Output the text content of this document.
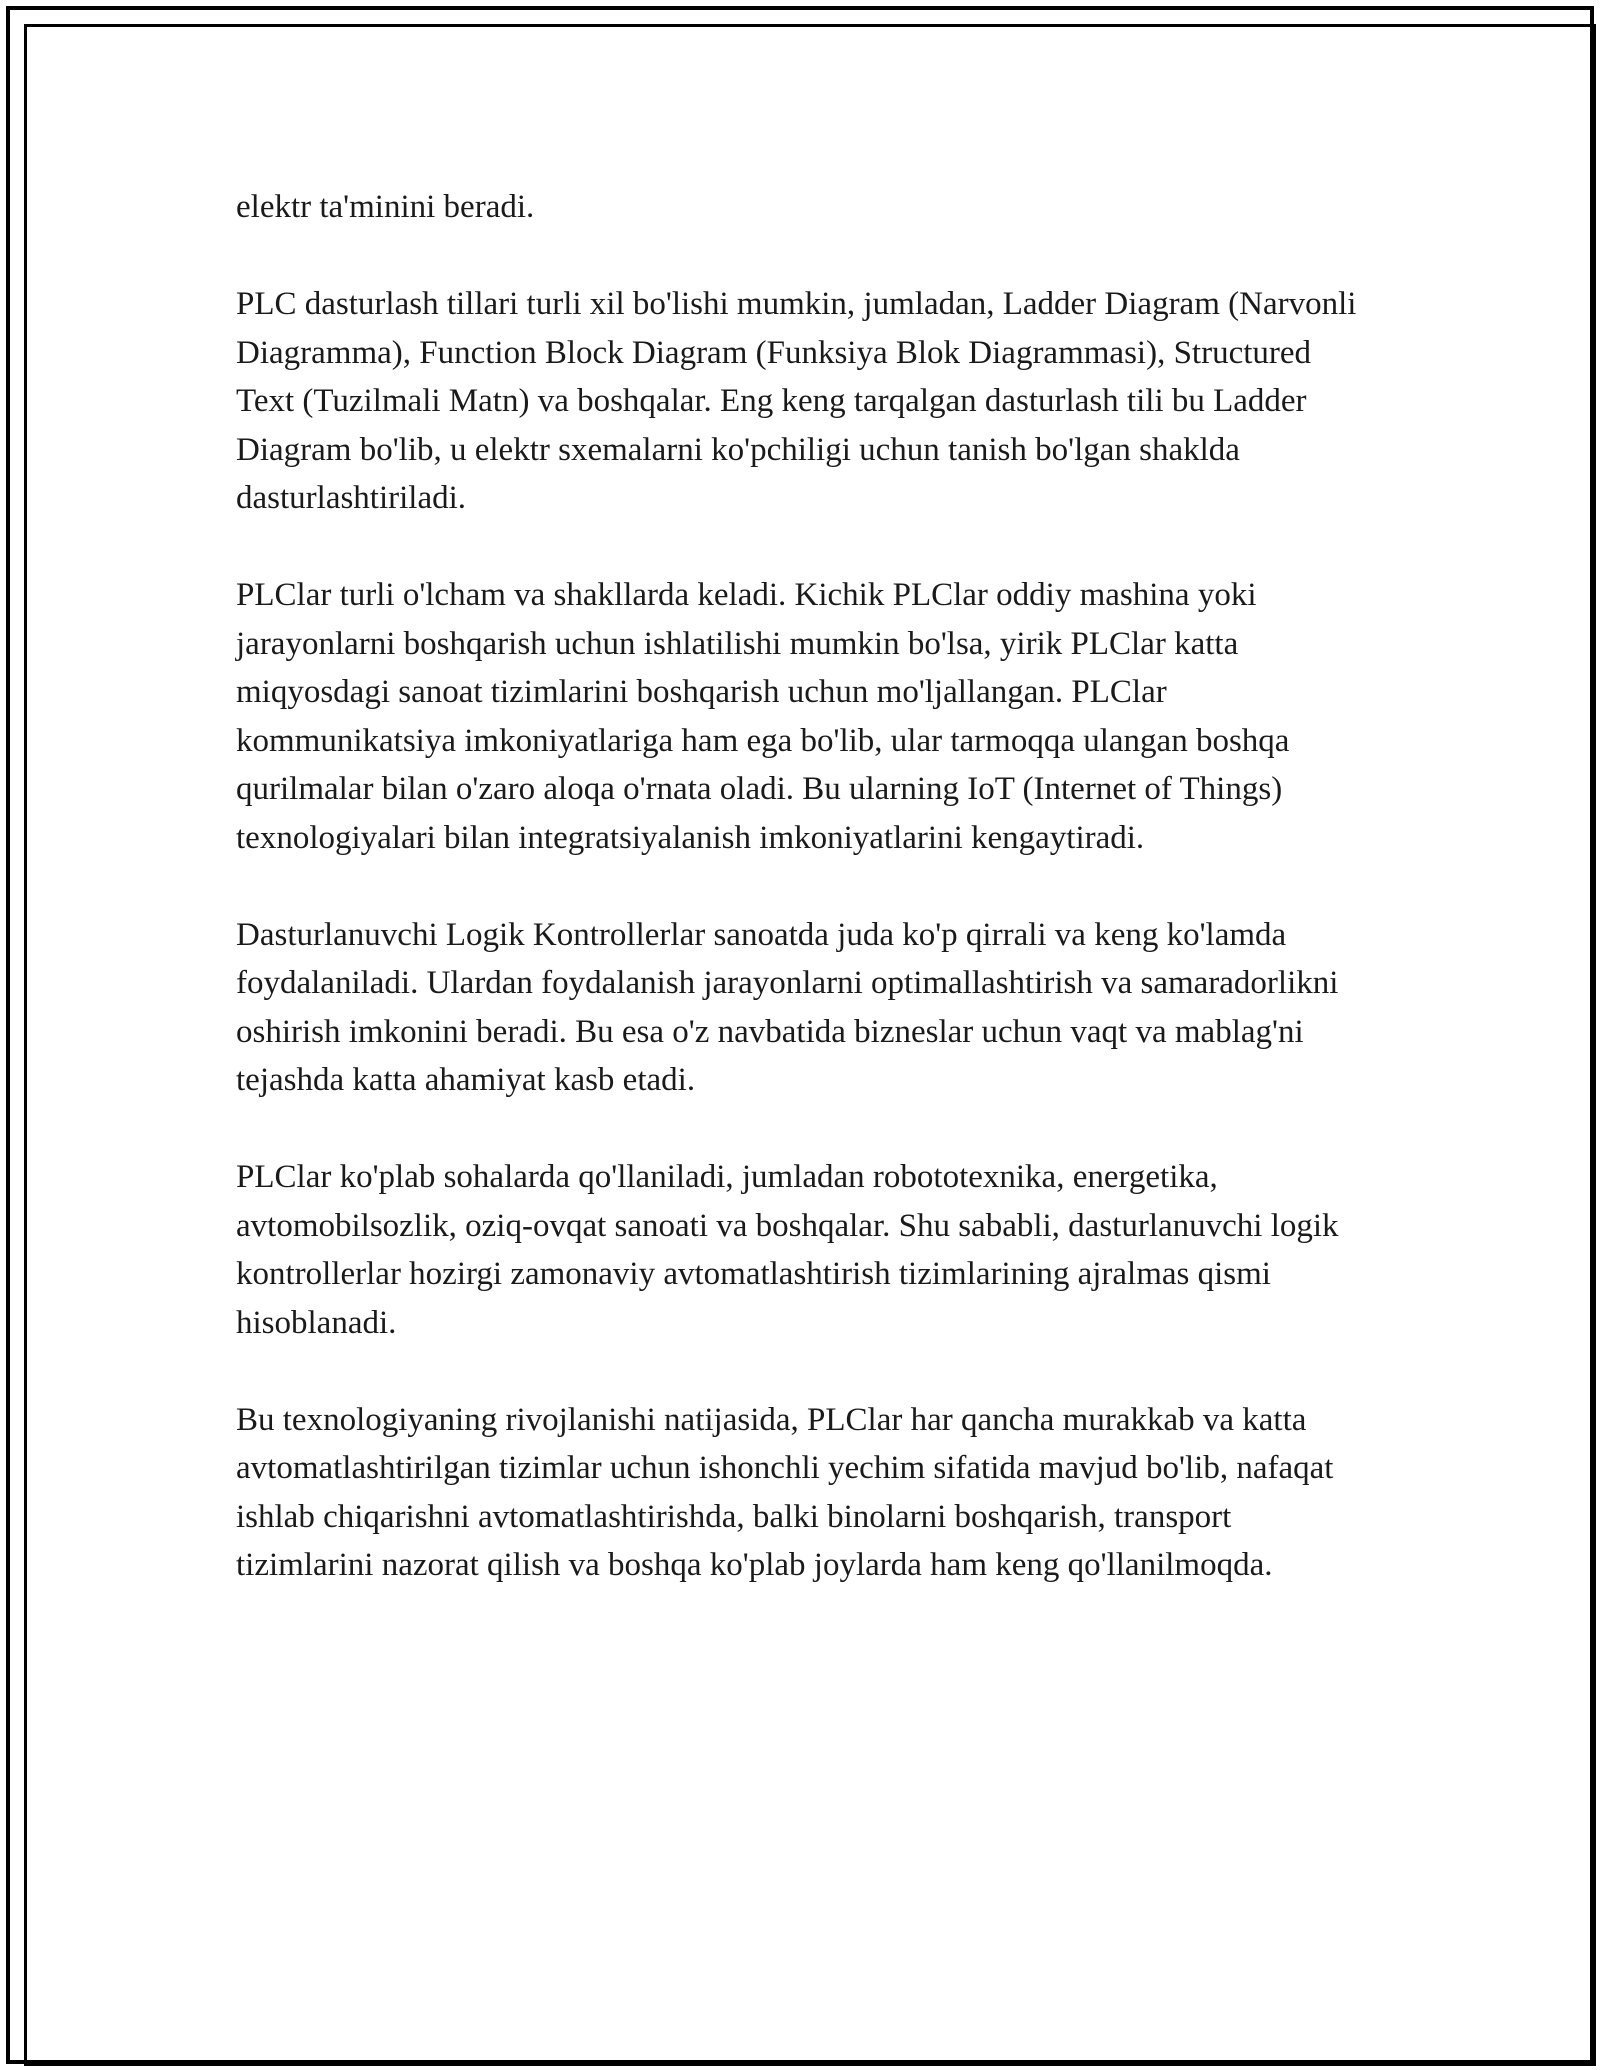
elektr ta'minini beradi.

PLC dasturlash tillari turli xil bo'lishi mumkin, jumladan, Ladder Diagram (Narvonli Diagramma), Function Block Diagram (Funksiya Blok Diagrammasi), Structured Text (Tuzilmali Matn) va boshqalar. Eng keng tarqalgan dasturlash tili bu Ladder Diagram bo'lib, u elektr sxemalarni ko'pchiligi uchun tanish bo'lgan shaklda dasturlashtiriladi.

PLClar turli o'lcham va shakllarda keladi. Kichik PLClar oddiy mashina yoki jarayonlarni boshqarish uchun ishlatilishi mumkin bo'lsa, yirik PLClar katta miqyosdagi sanoat tizimlarini boshqarish uchun mo'ljallangan. PLClar kommunikatsiya imkoniyatlariga ham ega bo'lib, ular tarmoqqa ulangan boshqa qurilmalar bilan o'zaro aloqa o'rnata oladi. Bu ularning IoT (Internet of Things) texnologiyalari bilan integratsiyalanish imkoniyatlarini kengaytiradi.

Dasturlanuvchi Logik Kontrollerlar sanoatda juda ko'p qirrali va keng ko'lamda foydalaniladi. Ulardan foydalanish jarayonlarni optimallashtirish va samaradorlikni oshirish imkonini beradi. Bu esa o'z navbatida bizneslar uchun vaqt va mablag'ni tejashda katta ahamiyat kasb etadi.

PLClar ko'plab sohalarda qo'llaniladi, jumladan robototexnika, energetika, avtomobilsozlik, oziq-ovqat sanoati va boshqalar. Shu sababli, dasturlanuvchi logik kontrollerlar hozirgi zamonaviy avtomatlashtirish tizimlarining ajralmas qismi hisoblanadi.

Bu texnologiyaning rivojlanishi natijasida, PLClar har qancha murakkab va katta avtomatlashtirilgan tizimlar uchun ishonchli yechim sifatida mavjud bo'lib, nafaqat ishlab chiqarishni avtomatlashtirishda, balki binolarni boshqarish, transport tizimlarini nazorat qilish va boshqa ko'plab joylarda ham keng qo'llanilmoqda.
